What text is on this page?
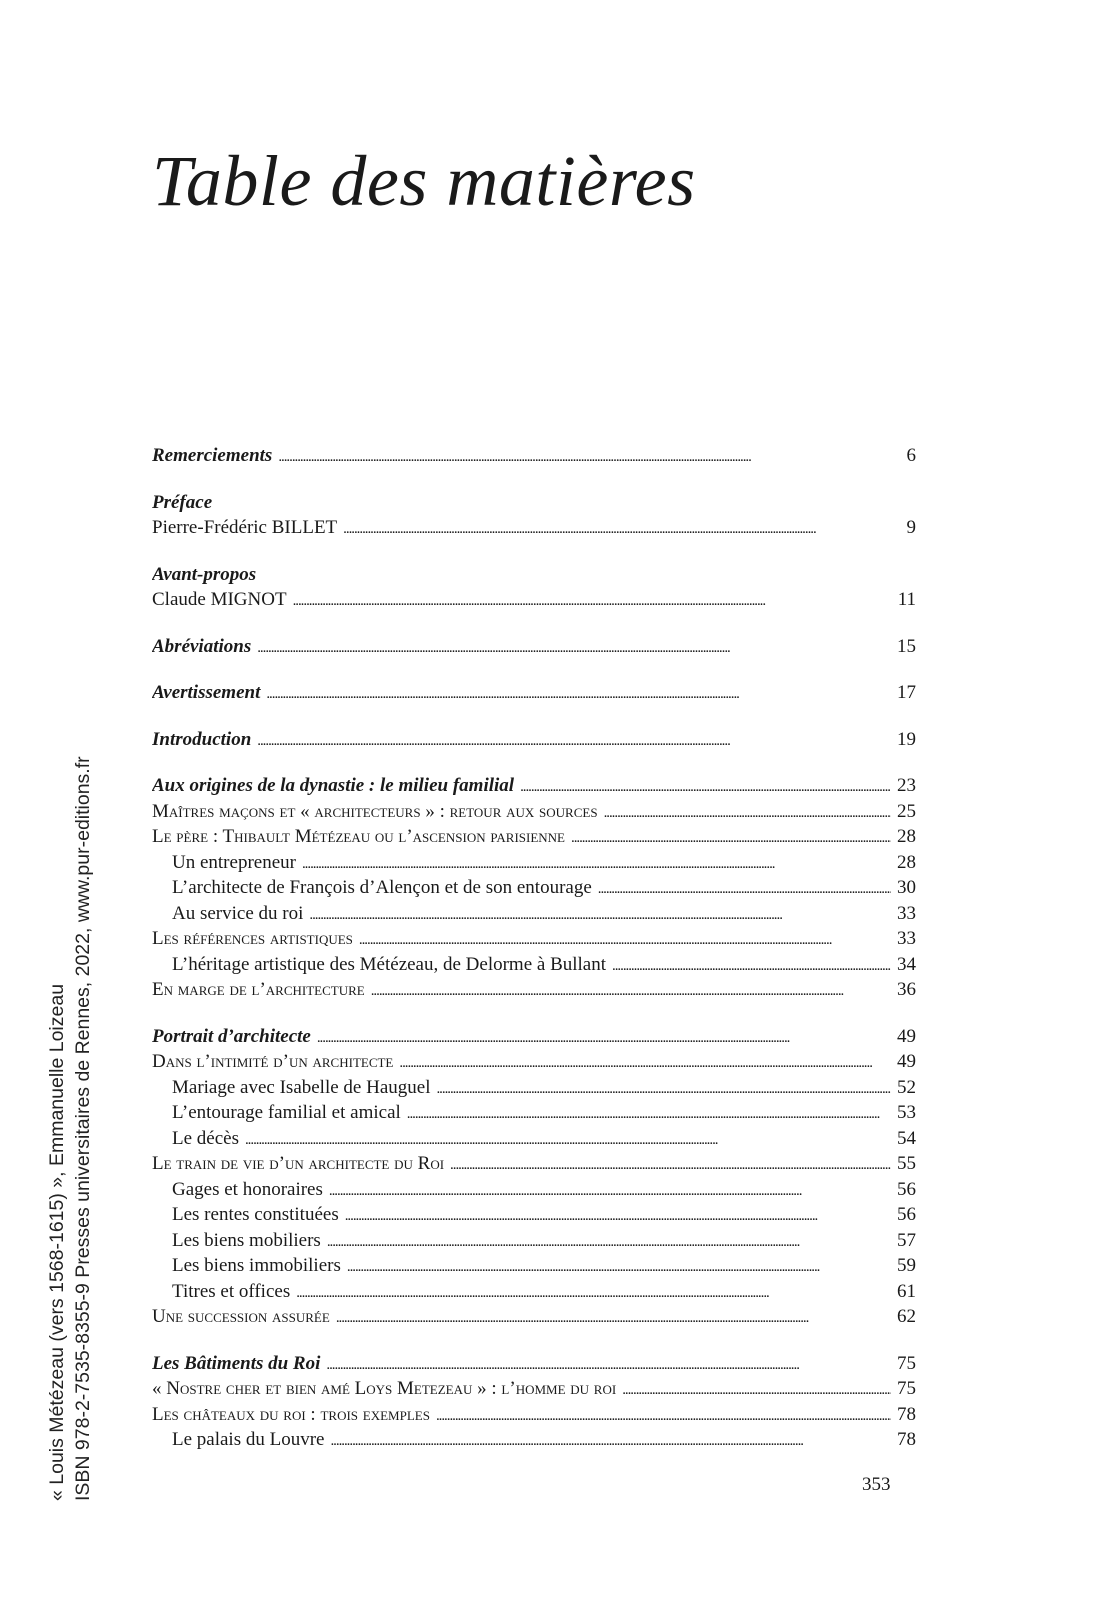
Table des matières
Remerciements . . .	6
Préface
Pierre-Frédéric BILLET . . .	9
Avant-propos
Claude MIGNOT . . .	11
Abréviations . . .	15
Avertissement . . .	17
Introduction . . .	19
Aux origines de la dynastie : le milieu familial . . .	23
Maîtres maçons et « architecteurs » : retour aux sources . . .	25
Le père : Thibault Métézeau ou l’ascension parisienne . . .	28
Un entrepreneur . . .	28
L’architecte de François d’Alençon et de son entourage . . .	30
Au service du roi . . .	33
Les références artistiques . . .	33
L’héritage artistique des Métézeau, de Delorme à Bullant . . .	34
En marge de l’architecture . . .	36
Portrait d’architecte . . .	49
Dans l’intimité d’un architecte . . .	49
Mariage avec Isabelle de Hauguel . . .	52
L’entourage familial et amical . . .	53
Le décès . . .	54
Le train de vie d’un architecte du Roi . . .	55
Gages et honoraires . . .	56
Les rentes constituées . . .	56
Les biens mobiliers . . .	57
Les biens immobiliers . . .	59
Titres et offices . . .	61
Une succession assurée . . .	62
Les Bâtiments du Roi . . .	75
« Nostre cher et bien amé Loys Metezeau » : l’homme du roi . . .	75
Les châteaux du roi : trois exemples . . .	78
Le palais du Louvre . . .	78
353
« Louis Métézeau (vers 1568-1615) », Emmanuelle Loizeau ISBN 978-2-7535-8355-9 Presses universitaires de Rennes, 2022, www.pur-editions.fr
